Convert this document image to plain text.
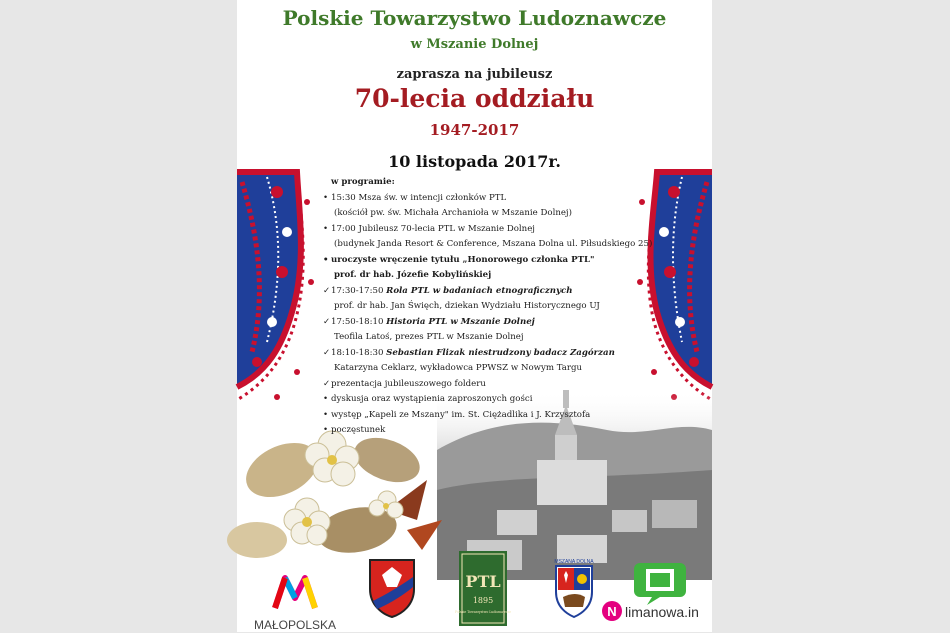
Polskie Towarzystwo Ludoznawcze
w Mszanie Dolnej
zaprasza na jubileusz
70-lecia oddziału
1947-2017
10 listopada 2017r.
w programie:
• 15:30 Msza św. w intencji członków PTL
(kościół pw. św. Michała Archanioła w Mszanie Dolnej)
• 17:00 Jubileusz 70-lecia PTL w Mszanie Dolnej
(budynek Janda Resort & Conference, Mszana Dolna ul. Piłsudskiego 25)
• uroczyste wręczenie tytułu „Honorowego członka PTL"
prof. dr hab. Józefie Kobylińskiej
✓ 17:30-17:50 Rola PTL w badaniach etnograficznych
prof. dr hab. Jan Święch, dziekan Wydziału Historycznego UJ
✓ 17:50-18:10 Historia PTL w Mszanie Dolnej
Teofila Latoś, prezes PTL w Mszanie Dolnej
✓ 18:10-18:30 Sebastian Flizak niestrudzony badacz Zagórzan
Katarzyna Ceklarz, wykładowca PPWSZ w Nowym Targu
✓ prezentacja jubileuszowego folderu
• dyskusja oraz wystąpienia zaproszonych gości
• występ „Kapeli ze Mszany" im. St. Ciężadlika i J. Krzysztofa
• poczęstunek
MAŁOPOLSKA
PTL
1895
Polskie Towarzystwo Ludoznawcze
MSZANA DOLNA
N limanowa.in
